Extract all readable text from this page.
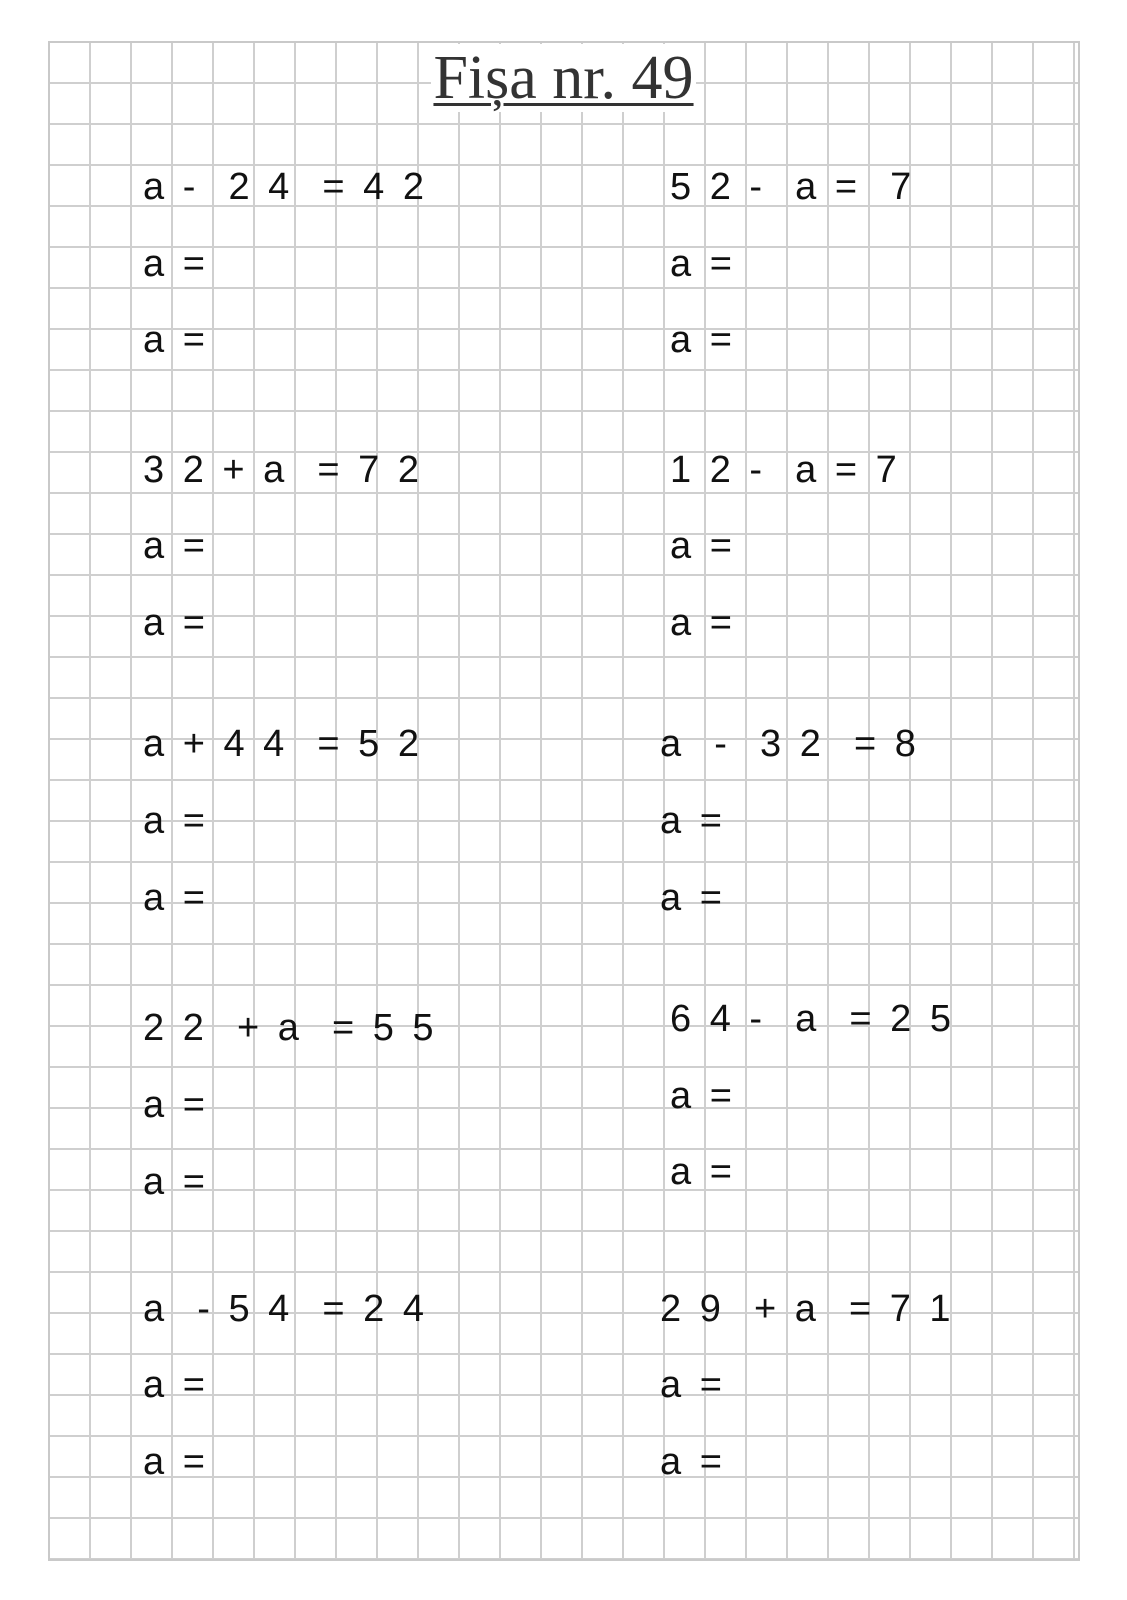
Fișa nr. 49
a -  2 4  = 4 2
a =
a =
5 2 -  a =  7
a =
a =
3 2 + a  = 7 2
a =
a =
1 2 -  a = 7
a =
a =
a + 4 4  = 5 2
a =
a =
a  -  3 2  = 8
a =
a =
2 2  + a  = 5 5
a =
a =
6 4 -  a  = 2 5
a =
a =
a  - 5 4  = 2 4
a =
a =
2 9  + a  = 7 1
a =
a =
